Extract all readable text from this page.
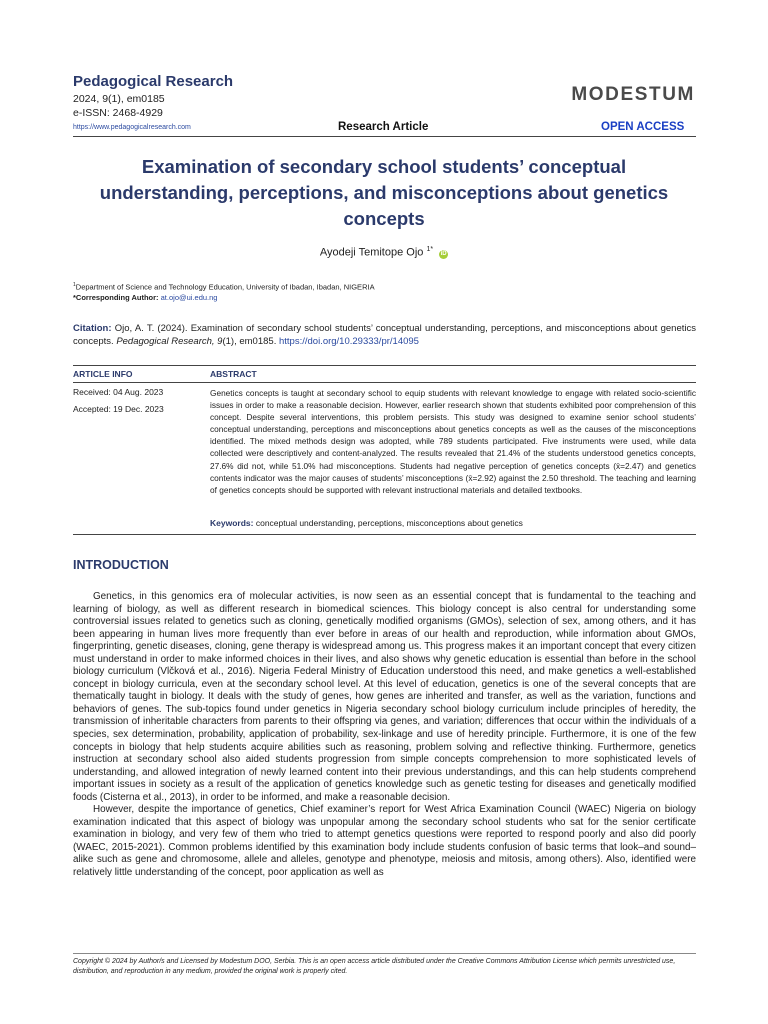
Pedagogical Research
2024, 9(1), em0185
e-ISSN: 2468-4929
https://www.pedagogicalresearch.com
MODESTUM
Research Article	OPEN ACCESS
Examination of secondary school students’ conceptual understanding, perceptions, and misconceptions about genetics concepts
Ayodeji Temitope Ojo $^{1*}$ iD
$^1$Department of Science and Technology Education, University of Ibadan, Ibadan, NIGERIA
*Corresponding Author: at.ojo@ui.edu.ng
Citation: Ojo, A. T. (2024). Examination of secondary school students’ conceptual understanding, perceptions, and misconceptions about genetics concepts. Pedagogical Research, 9(1), em0185. https://doi.org/10.29333/pr/14095
ARTICLE INFO	ABSTRACT
Received: 04 Aug. 2023
Accepted: 19 Dec. 2023
Genetics concepts is taught at secondary school to equip students with relevant knowledge to engage with related socio-scientific issues in order to make a reasonable decision. However, earlier research shown that students exhibited poor comprehension of this concept. Despite several interventions, this problem persists. This study was designed to examine senior school students’ conceptual understanding, perceptions and misconceptions about genetics concepts as well as the causes of the misconceptions identified. The mixed methods design was adopted, while 789 students participated. Five instruments were used, while data collected were descriptively and content-analyzed. The results revealed that 21.4% of the students understood genetics concepts, 27.6% did not, while 51.0% had misconceptions. Students had negative perception of genetics concepts (x̄=2.47) and genetics contents indicator was the major causes of students’ misconceptions (x̄=2.92) against the 2.50 threshold. The teaching and learning of genetics concepts should be supported with relevant instructional materials and detailed textbooks.
Keywords: conceptual understanding, perceptions, misconceptions about genetics
INTRODUCTION

Genetics, in this genomics era of molecular activities, is now seen as an essential concept that is fundamental to the teaching and learning of biology, as well as different research in biomedical sciences. This biology concept is also central for understanding some controversial issues related to genetics such as cloning, genetically modified organisms (GMOs), selection of sex, among others, and it has been appearing in human lives more frequently than ever before in areas of our health and reproduction, while information about GMOs, fingerprinting, genetic diseases, cloning, gene therapy is widespread among us. This progress makes it an important concept that every citizen must understand in order to make informed choices in their lives, and also shows why genetic education is essential than before in the school biology curriculum (Vlčková et al., 2016). Nigeria Federal Ministry of Education understood this need, and make genetics a well-established concept in biology curricula, even at the secondary school level. At this level of education, genetics is one of the several concepts that are thematically taught in biology. It deals with the study of genes, how genes are inherited and transfer, as well as the variation, functions and behaviors of genes. The sub-topics found under genetics in Nigeria secondary school biology curriculum include principles of heredity, the transmission of inheritable characters from parents to their offspring via genes, and variation; differences that occur within the individuals of a species, sex determination, probability, application of probability, sex-linkage and use of heredity principle. Furthermore, it is one of the few concepts in biology that help students acquire abilities such as reasoning, problem solving and reflective thinking. Furthermore, genetics instruction at secondary school also aided students progression from simple concepts comprehension to more sophisticated levels of understanding, and allowed integration of newly learned content into their previous understandings, and this can help students comprehend important issues in society as a result of the application of genetics knowledge such as genetic testing for diseases and genetically modified foods (Cisterna et al., 2013), in order to be informed, and make a reasonable decision.

However, despite the importance of genetics, Chief examiner’s report for West Africa Examination Council (WAEC) Nigeria on biology examination indicated that this aspect of biology was unpopular among the secondary school students who sat for the senior certificate examination in biology, and very few of them who tried to attempt genetics questions were reported to respond poorly and also did poorly (WAEC, 2015-2021). Common problems identified by this examination body include students confusion of basic terms that look–and sound–alike such as gene and chromosome, allele and alleles, genotype and phenotype, meiosis and mitosis, among others). Also, identified were relatively little understanding of the concept, poor application as well as

Copyright © 2024 by Author/s and Licensed by Modestum DOO, Serbia. This is an open access article distributed under the Creative Commons Attribution License which permits unrestricted use, distribution, and reproduction in any medium, provided the original work is properly cited.
